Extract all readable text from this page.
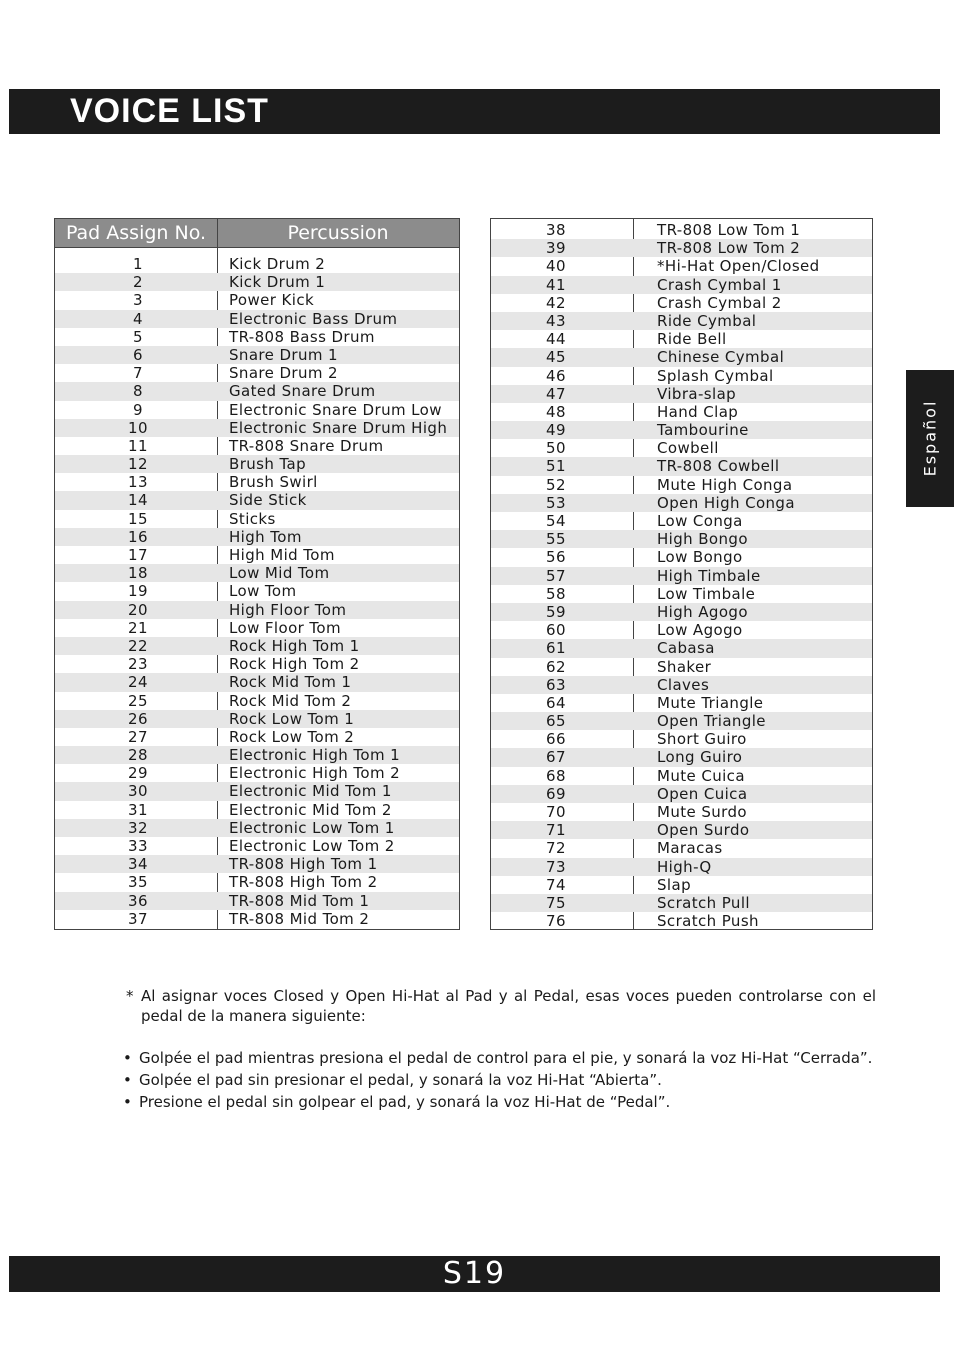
VOICE LIST
Español
Pad Assign No.	Percussion
1	Kick Drum 2
2	Kick Drum 1
3	Power Kick
4	Electronic Bass Drum
5	TR-808 Bass Drum
6	Snare Drum 1
7	Snare Drum 2
8	Gated Snare Drum
9	Electronic Snare Drum Low
10	Electronic Snare Drum High
11	TR-808 Snare Drum
12	Brush Tap
13	Brush Swirl
14	Side Stick
15	Sticks
16	High Tom
17	High Mid Tom
18	Low Mid Tom
19	Low Tom
20	High Floor Tom
21	Low Floor Tom
22	Rock High Tom 1
23	Rock High Tom 2
24	Rock Mid Tom 1
25	Rock Mid Tom 2
26	Rock Low Tom 1
27	Rock Low Tom 2
28	Electronic High Tom 1
29	Electronic High Tom 2
30	Electronic Mid Tom 1
31	Electronic Mid Tom 2
32	Electronic Low Tom 1
33	Electronic Low Tom 2
34	TR-808 High Tom 1
35	TR-808 High Tom 2
36	TR-808 Mid Tom 1
37	TR-808 Mid Tom 2
38	TR-808 Low Tom 1
39	TR-808 Low Tom 2
40	*Hi-Hat Open/Closed
41	Crash Cymbal 1
42	Crash Cymbal 2
43	Ride Cymbal
44	Ride Bell
45	Chinese Cymbal
46	Splash Cymbal
47	Vibra-slap
48	Hand Clap
49	Tambourine
50	Cowbell
51	TR-808 Cowbell
52	Mute High Conga
53	Open High Conga
54	Low Conga
55	High Bongo
56	Low Bongo
57	High Timbale
58	Low Timbale
59	High Agogo
60	Low Agogo
61	Cabasa
62	Shaker
63	Claves
64	Mute Triangle
65	Open Triangle
66	Short Guiro
67	Long Guiro
68	Mute Cuica
69	Open Cuica
70	Mute Surdo
71	Open Surdo
72	Maracas
73	High-Q
74	Slap
75	Scratch Pull
76	Scratch Push
* Al asignar voces Closed y Open Hi-Hat al Pad y al Pedal, esas voces pueden controlarse con el pedal de la manera siguiente:
• Golpée el pad mientras presiona el pedal de control para el pie, y sonará la voz Hi-Hat “Cerrada”.
• Golpée el pad sin presionar el pedal, y sonará la voz Hi-Hat “Abierta”.
• Presione el pedal sin golpear el pad, y sonará la voz Hi-Hat de “Pedal”.
S19
